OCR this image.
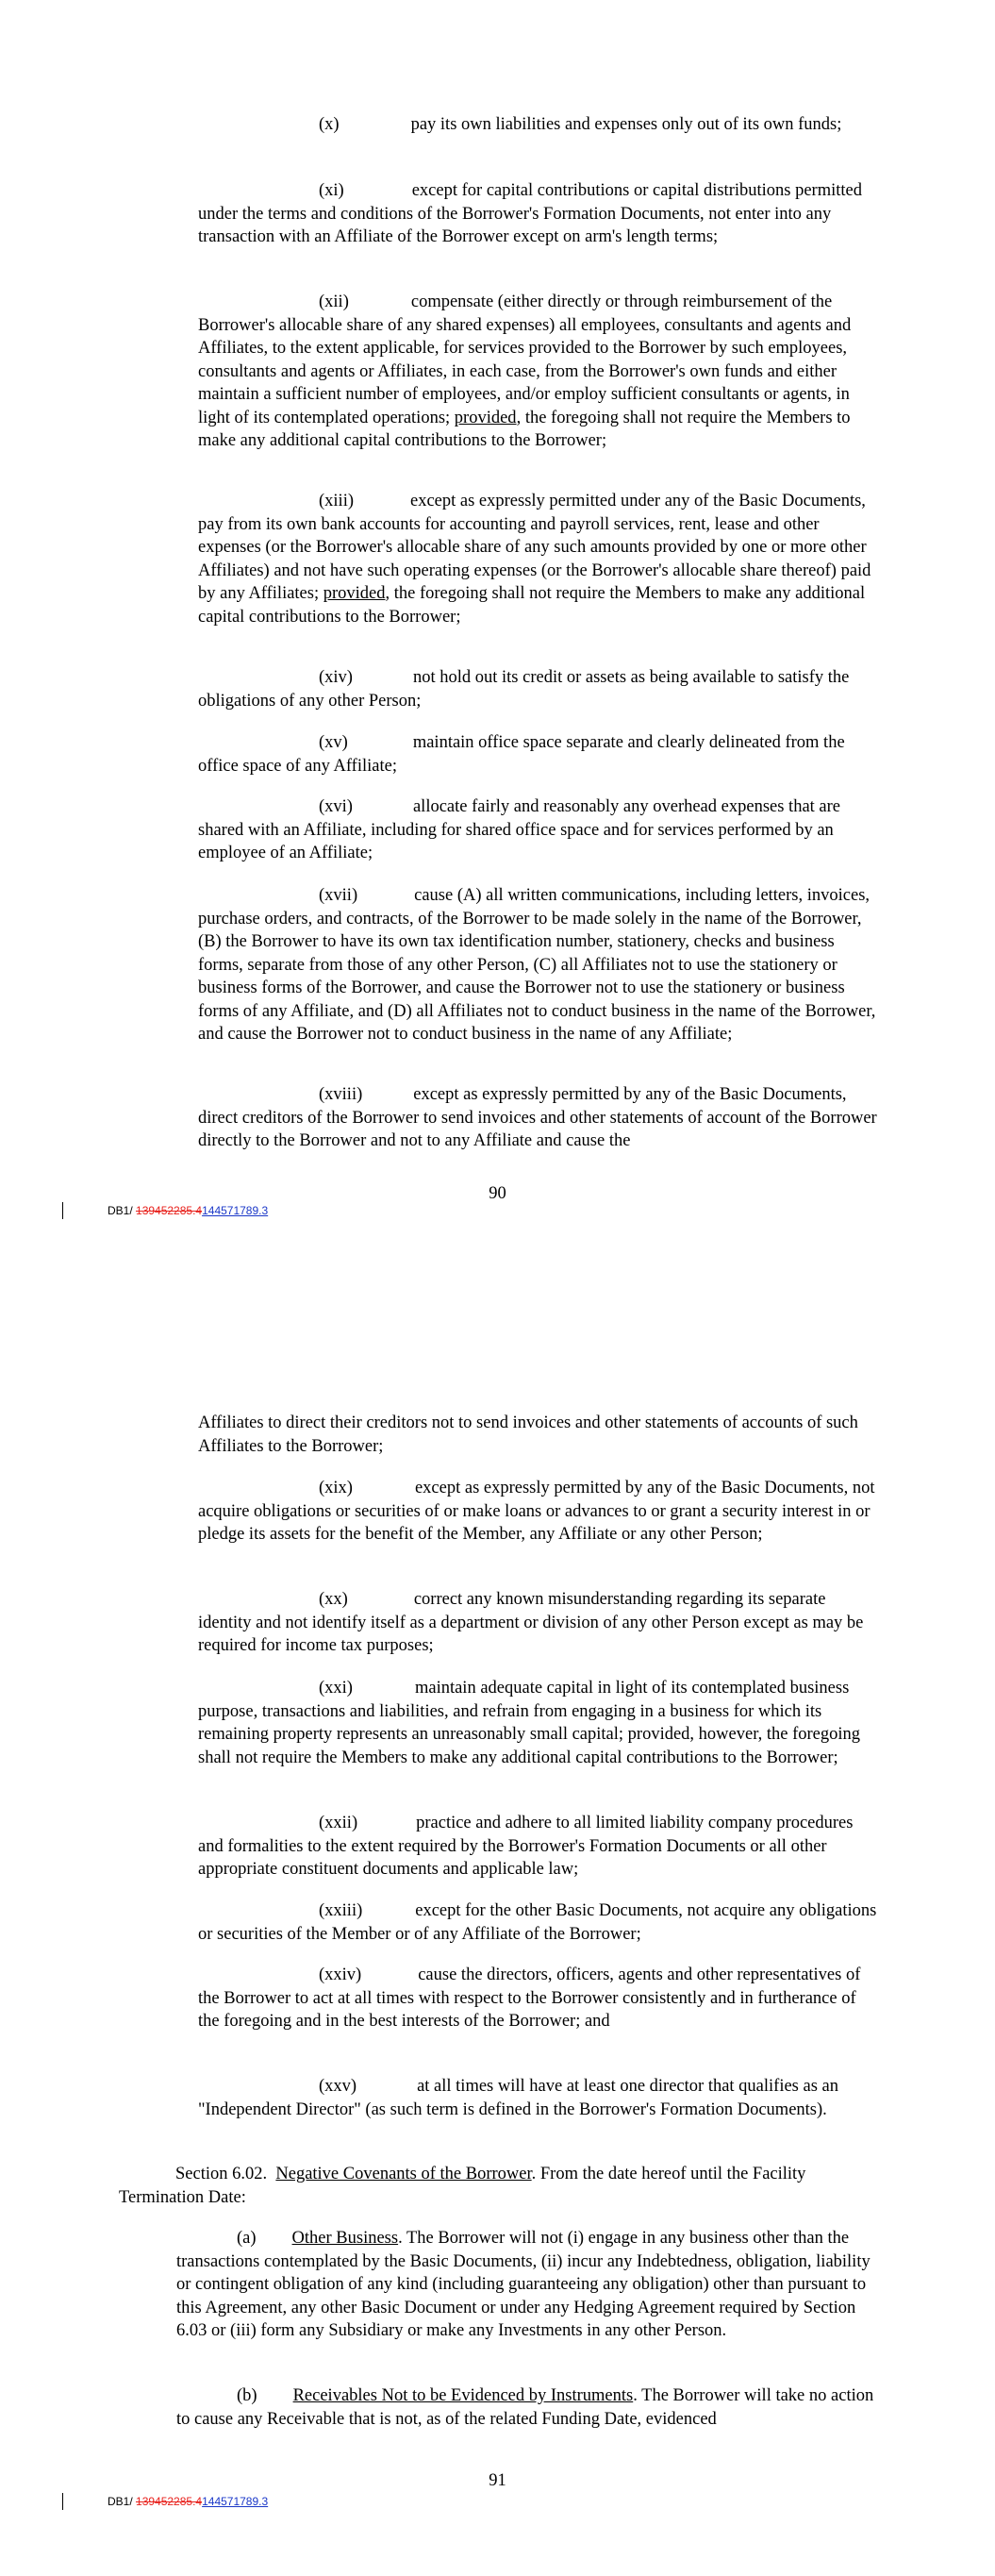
(x)	pay its own liabilities and expenses only out of its own funds;

(xi)	except for capital contributions or capital distributions permitted under the terms and conditions of the Borrower's Formation Documents, not enter into any transaction with an Affiliate of the Borrower except on arm's length terms;

(xii)	compensate (either directly or through reimbursement of the Borrower's allocable share of any shared expenses) all employees, consultants and agents and Affiliates, to the extent applicable, for services provided to the Borrower by such employees, consultants and agents or Affiliates, in each case, from the Borrower's own funds and either maintain a sufficient number of employees, and/or employ sufficient consultants or agents, in light of its contemplated operations; provided, the foregoing shall not require the Members to make any additional capital contributions to the Borrower;

(xiii)	except as expressly permitted under any of the Basic Documents, pay from its own bank accounts for accounting and payroll services, rent, lease and other expenses (or the Borrower's allocable share of any such amounts provided by one or more other Affiliates) and not have such operating expenses (or the Borrower's allocable share thereof) paid by any Affiliates; provided, the foregoing shall not require the Members to make any additional capital contributions to the Borrower;

(xiv)	not hold out its credit or assets as being available to satisfy the obligations of any other Person;

(xv)	maintain office space separate and clearly delineated from the office space of any Affiliate;

(xvi)	allocate fairly and reasonably any overhead expenses that are shared with an Affiliate, including for shared office space and for services performed by an employee of an Affiliate;

(xvii)	cause (A) all written communications, including letters, invoices, purchase orders, and contracts, of the Borrower to be made solely in the name of the Borrower, (B) the Borrower to have its own tax identification number, stationery, checks and business forms, separate from those of any other Person, (C) all Affiliates not to use the stationery or business forms of the Borrower, and cause the Borrower not to use the stationery or business forms of any Affiliate, and (D) all Affiliates not to conduct business in the name of the Borrower, and cause the Borrower not to conduct business in the name of any Affiliate;

(xviii)	except as expressly permitted by any of the Basic Documents, direct creditors of the Borrower to send invoices and other statements of account of the Borrower directly to the Borrower and not to any Affiliate and cause the

90
DB1/ 139452285.4144571789.3

Affiliates to direct their creditors not to send invoices and other statements of accounts of such Affiliates to the Borrower;

(xix)	except as expressly permitted by any of the Basic Documents, not acquire obligations or securities of or make loans or advances to or grant a security interest in or pledge its assets for the benefit of the Member, any Affiliate or any other Person;

(xx)	correct any known misunderstanding regarding its separate identity and not identify itself as a department or division of any other Person except as may be required for income tax purposes;

(xxi)	maintain adequate capital in light of its contemplated business purpose, transactions and liabilities, and refrain from engaging in a business for which its remaining property represents an unreasonably small capital; provided, however, the foregoing shall not require the Members to make any additional capital contributions to the Borrower;

(xxii)	practice and adhere to all limited liability company procedures and formalities to the extent required by the Borrower's Formation Documents or all other appropriate constituent documents and applicable law;

(xxiii)	except for the other Basic Documents, not acquire any obligations or securities of the Member or of any Affiliate of the Borrower;

(xxiv)	cause the directors, officers, agents and other representatives of the Borrower to act at all times with respect to the Borrower consistently and in furtherance of the foregoing and in the best interests of the Borrower; and

(xxv)	at all times will have at least one director that qualifies as an "Independent Director" (as such term is defined in the Borrower's Formation Documents).

Section 6.02. Negative Covenants of the Borrower. From the date hereof until the Facility Termination Date:

(a) Other Business. The Borrower will not (i) engage in any business other than the transactions contemplated by the Basic Documents, (ii) incur any Indebtedness, obligation, liability or contingent obligation of any kind (including guaranteeing any obligation) other than pursuant to this Agreement, any other Basic Document or under any Hedging Agreement required by Section 6.03 or (iii) form any Subsidiary or make any Investments in any other Person.

(b) Receivables Not to be Evidenced by Instruments. The Borrower will take no action to cause any Receivable that is not, as of the related Funding Date, evidenced

91
DB1/ 139452285.4144571789.3
